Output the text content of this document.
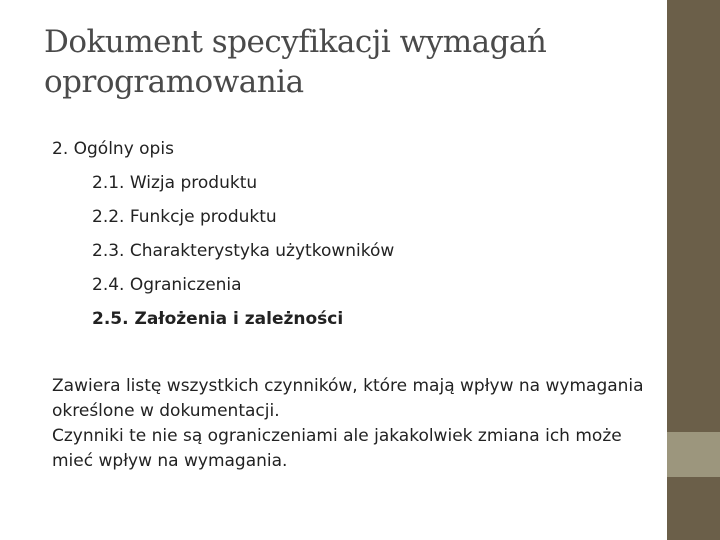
Dokument specyfikacji wymagań oprogramowania

2. Ogólny opis

2.1. Wizja produktu

2.2. Funkcje produktu

2.3. Charakterystyka użytkowników

2.4. Ograniczenia

2.5. Założenia i zależności

Zawiera listę wszystkich czynników, które mają wpływ na wymagania określone w dokumentacji.

Czynniki te nie są ograniczeniami ale jakakolwiek zmiana ich może mieć wpływ na wymagania.
